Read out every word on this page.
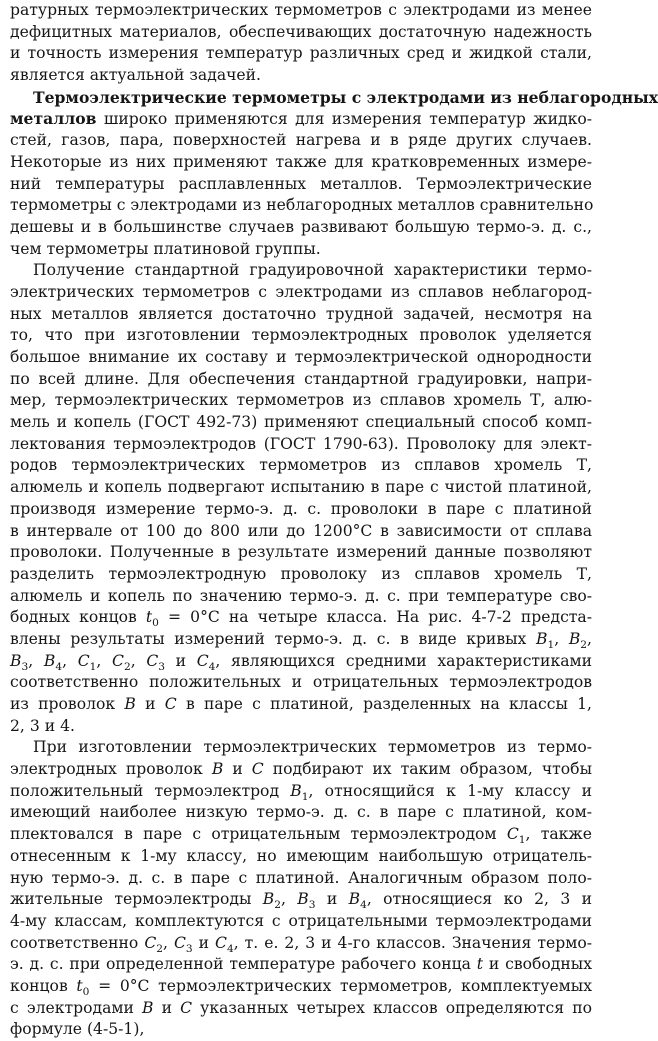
ратурных термоэлектрических термометров с электродами из менее
дефицитных материалов, обеспечивающих достаточную надежность
и точность измерения температур различных сред и жидкой стали,
является актуальной задачей.

Термоэлектрические термометры с электродами из неблагородных
металлов широко применяются для измерения температур жидко-
стей, газов, пара, поверхностей нагрева и в ряде других случаев.
Некоторые из них применяют также для кратковременных измере-
ний температуры расплавленных металлов. Термоэлектрические
термометры с электродами из неблагородных металлов сравнительно
дешевы и в большинстве случаев развивают большую термо-э. д. с.,
чем термометры платиновой группы.

Получение стандартной градуировочной характеристики термо-
электрических термометров с электродами из сплавов неблагород-
ных металлов является достаточно трудной задачей, несмотря на
то, что при изготовлении термоэлектродных проволок уделяется
большое внимание их составу и термоэлектрической однородности
по всей длине. Для обеспечения стандартной градуировки, напри-
мер, термоэлектрических термометров из сплавов хромель Т, алю-
мель и копель (ГОСТ 492-73) применяют специальный способ комп-
лектования термоэлектродов (ГОСТ 1790-63). Проволоку для элект-
родов термоэлектрических термометров из сплавов хромель Т,
алюмель и копель подвергают испытанию в паре с чистой платиной,
производя измерение термо-э. д. с. проволоки в паре с платиной
в интервале от 100 до 800 или до 1200°С в зависимости от сплава
проволоки. Полученные в результате измерений данные позволяют
разделить термоэлектродную проволоку из сплавов хромель Т,
алюмель и копель по значению термо-э. д. с. при температуре сво-
бодных концов $t_0 = 0^\circ С$ на четыре класса. На рис. 4-7-2 предста-
влены результаты измерений термо-э. д. с. в виде кривых $B_1$, $B_2$,
$B_3$, $B_4$, $C_1$, $C_2$, $C_3$ и $C_4$, являющихся средними характеристиками
соответственно положительных и отрицательных термоэлектродов
из проволок B и C в паре с платиной, разделенных на классы 1,
2, 3 и 4.

При изготовлении термоэлектрических термометров из термо-
электродных проволок B и C подбирают их таким образом, чтобы
положительный термоэлектрод $B_1$, относящийся к 1-му классу и
имеющий наиболее низкую термо-э. д. с. в паре с платиной, ком-
плектовался в паре с отрицательным термоэлектродом $C_1$, также
отнесенным к 1-му классу, но имеющим наибольшую отрицатель-
ную термо-э. д. с. в паре с платиной. Аналогичным образом поло-
жительные термоэлектроды $B_2$, $B_3$ и $B_4$, относящиеся ко 2, 3 и
4-му классам, комплектуются с отрицательными термоэлектродами
соответственно $C_2$, $C_3$ и $C_4$, т. е. 2, 3 и 4-го классов. Значения термо-
э. д. с. при определенной температуре рабочего конца t и свободных
концов $t_0 = 0^\circ С$ термоэлектрических термометров, комплектуемых
с электродами B и C указанных четырех классов определяются по
формуле (4-5-1),
